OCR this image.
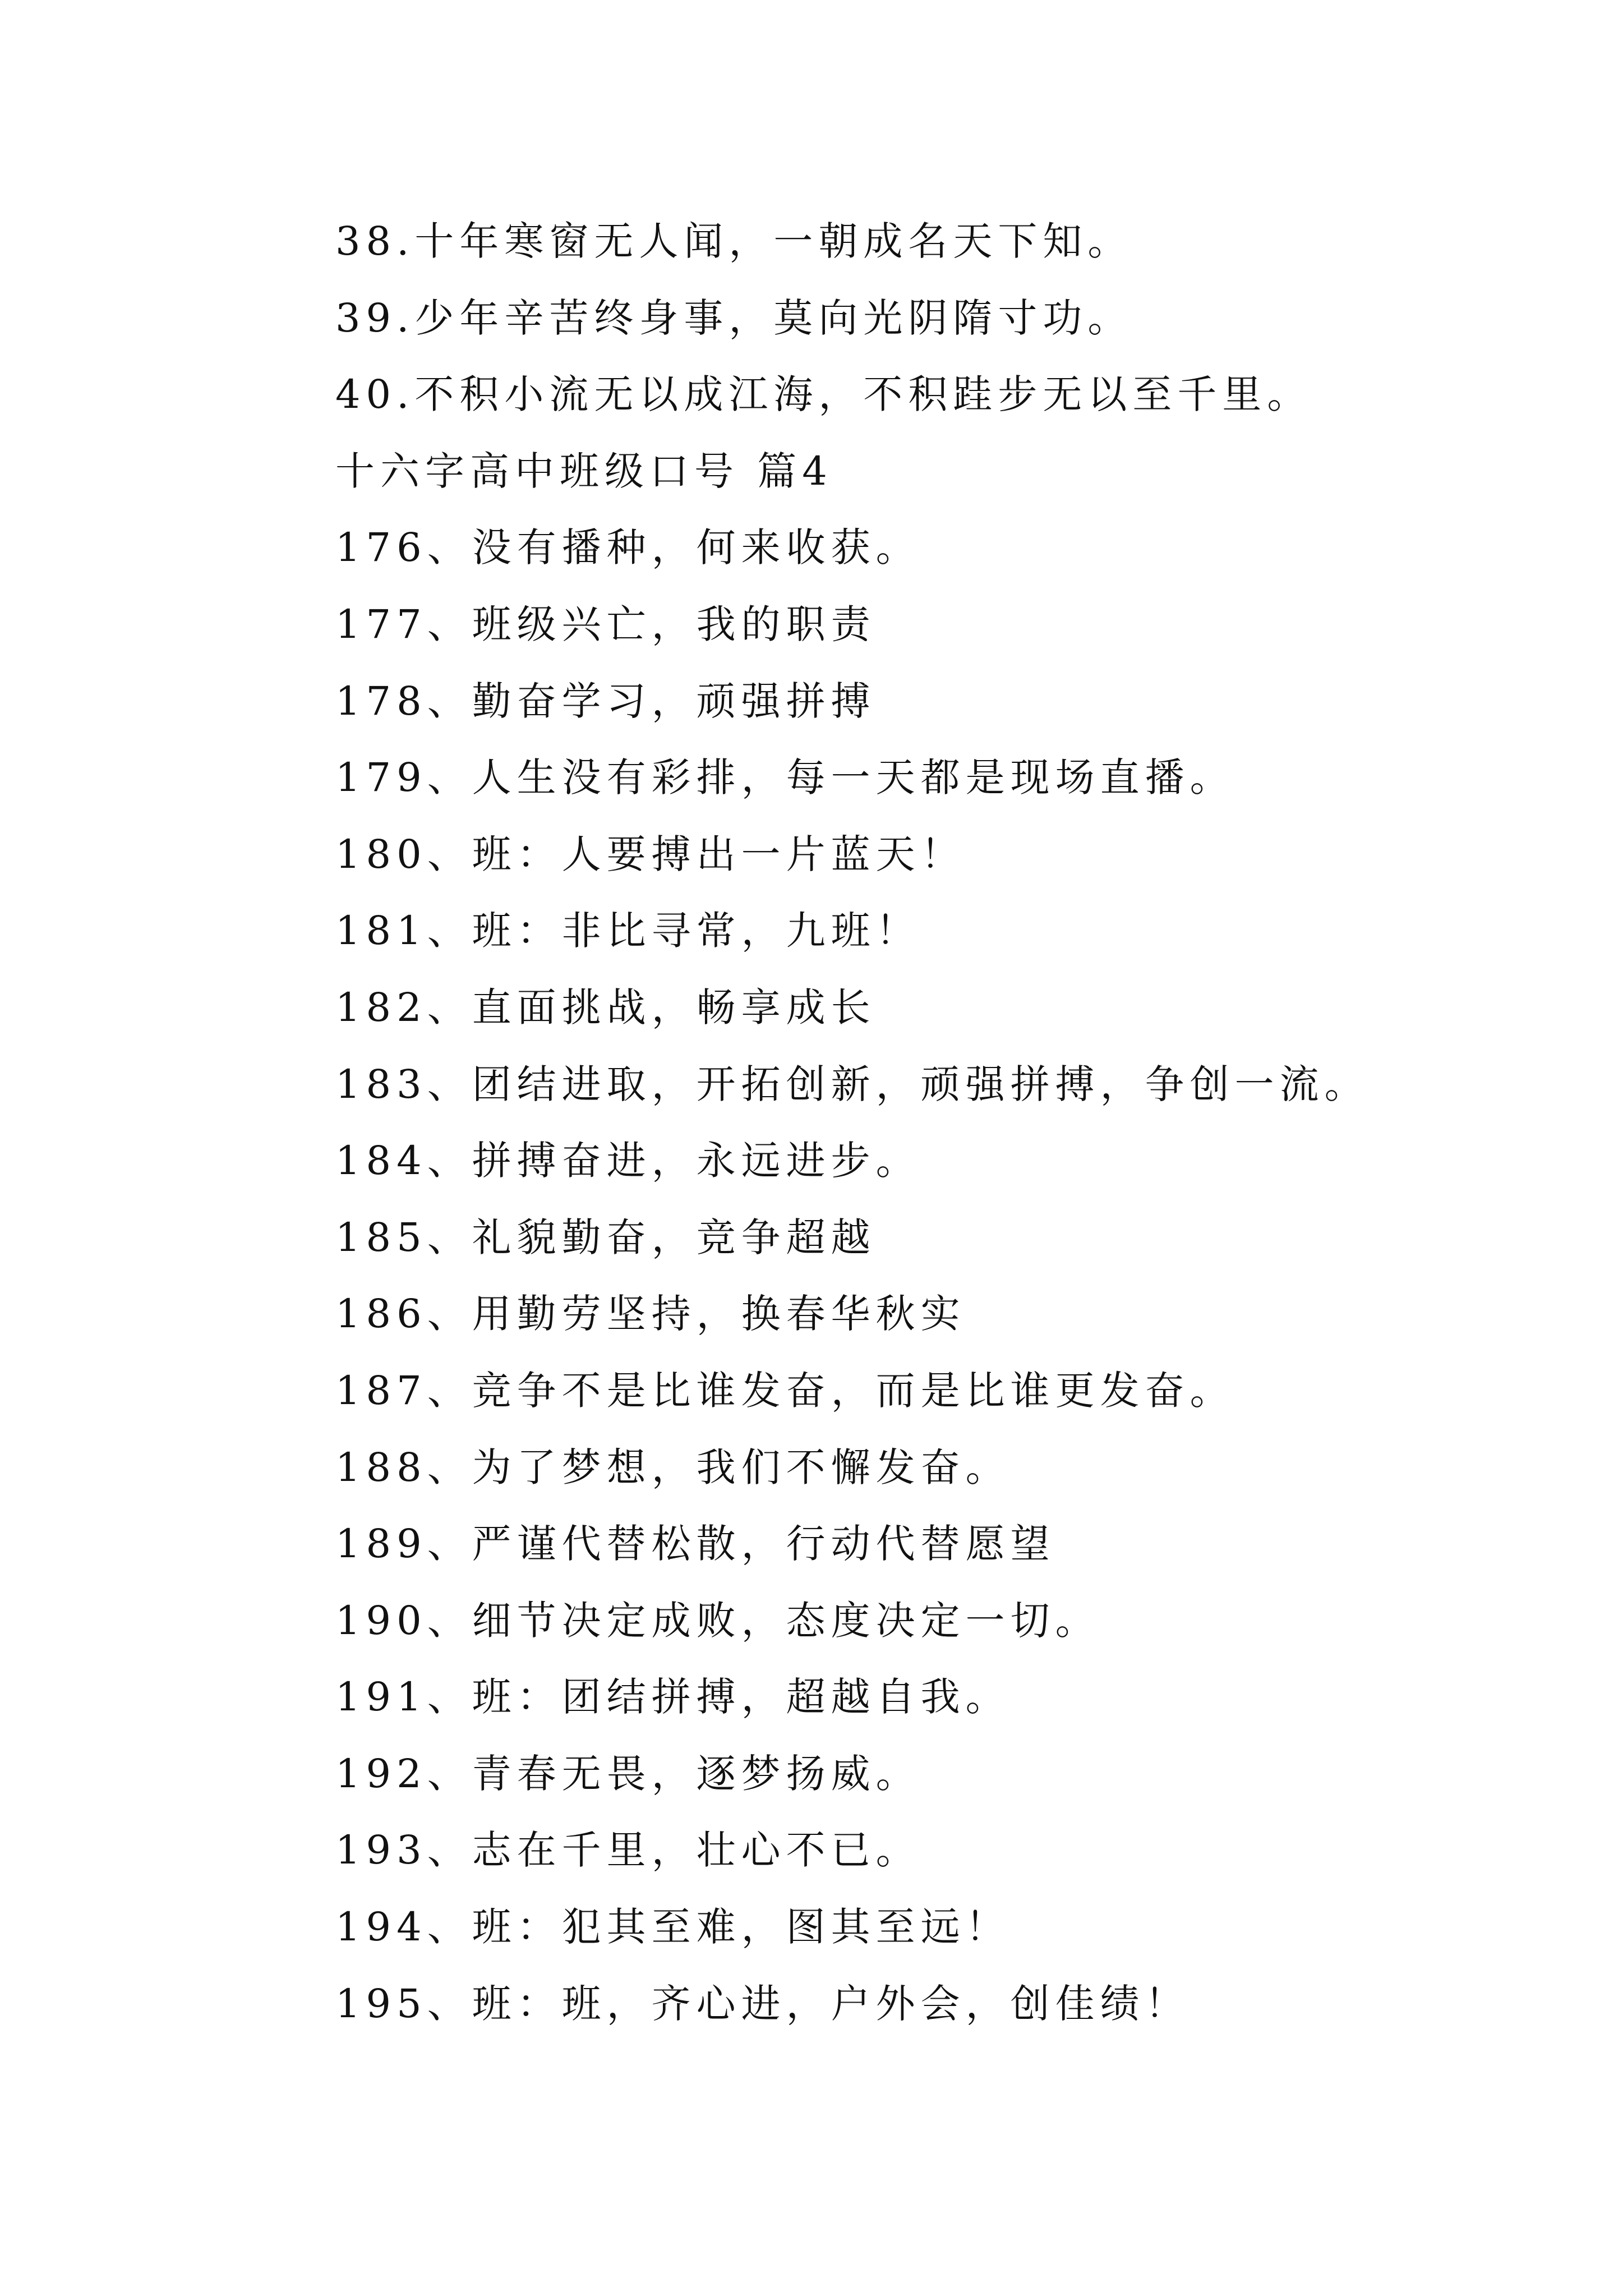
38.十年寒窗无人闻，一朝成名天下知。
39.少年辛苦终身事，莫向光阴隋寸功。
40.不积小流无以成江海，不积跬步无以至千里。
十六字高中班级口号 篇4
176、没有播种，何来收获。
177、班级兴亡，我的职责
178、勤奋学习，顽强拼搏
179、人生没有彩排，每一天都是现场直播。
180、班：人要搏出一片蓝天！
181、班：非比寻常，九班！
182、直面挑战，畅享成长
183、团结进取，开拓创新，顽强拼搏，争创一流。
184、拼搏奋进，永远进步。
185、礼貌勤奋，竞争超越
186、用勤劳坚持，换春华秋实
187、竞争不是比谁发奋，而是比谁更发奋。
188、为了梦想，我们不懈发奋。
189、严谨代替松散，行动代替愿望
190、细节决定成败，态度决定一切。
191、班：团结拼搏，超越自我。
192、青春无畏，逐梦扬威。
193、志在千里，壮心不已。
194、班：犯其至难，图其至远！
195、班：班，齐心进，户外会，创佳绩！
